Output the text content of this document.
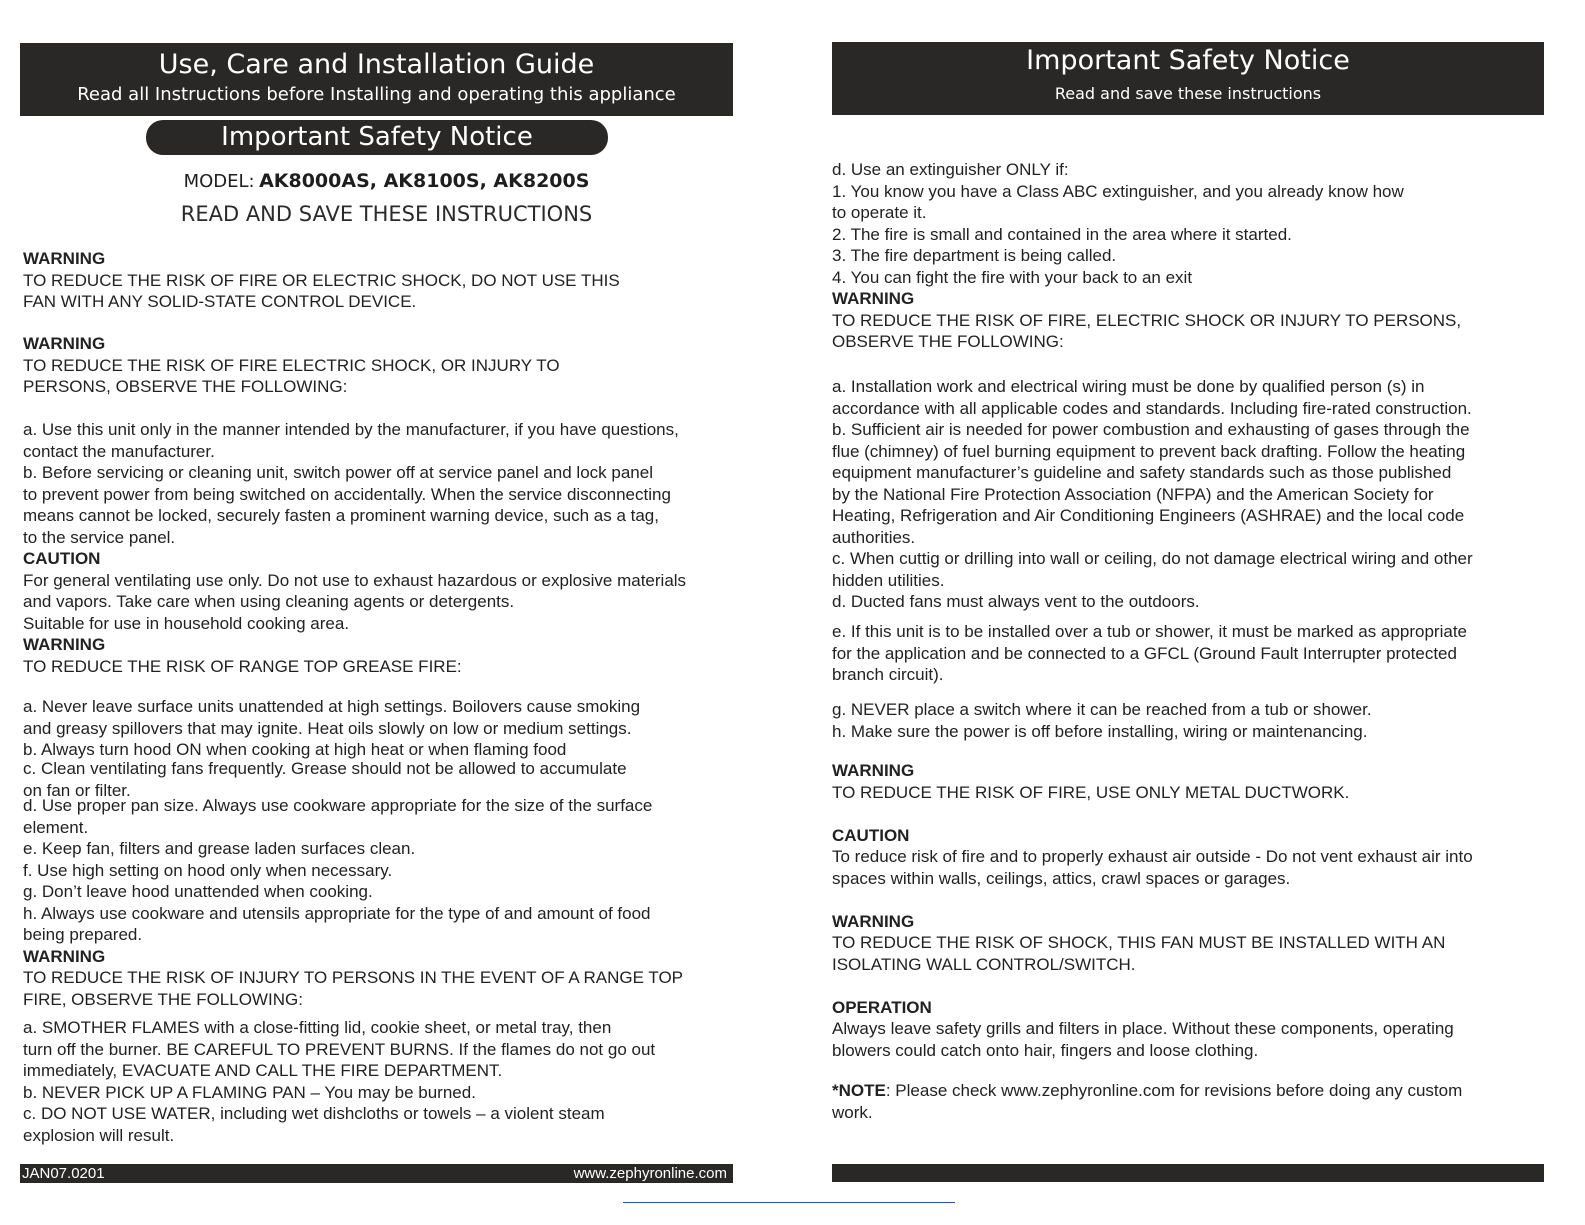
Use, Care and Installation Guide
Read all Instructions before Installing and operating this appliance
Important Safety Notice
MODEL: AK8000AS, AK8100S, AK8200S
READ AND SAVE THESE INSTRUCTIONS
WARNING
TO REDUCE THE RISK OF FIRE OR ELECTRIC SHOCK, DO NOT USE THIS
FAN WITH ANY SOLID-STATE CONTROL DEVICE.
WARNING
TO REDUCE THE RISK OF FIRE ELECTRIC SHOCK, OR INJURY TO
PERSONS, OBSERVE THE FOLLOWING:
a. Use this unit only in the manner intended by the manufacturer, if you have questions,
contact the manufacturer.
b. Before servicing or cleaning unit, switch power off at service panel and lock panel
to prevent power from being switched on accidentally. When the service disconnecting
means cannot be locked, securely fasten a prominent warning device, such as a tag,
to the service panel.
CAUTION
For general ventilating use only. Do not use to exhaust hazardous or explosive materials
and vapors. Take care when using cleaning agents or detergents.
Suitable for use in household cooking area.
WARNING
TO REDUCE THE RISK OF RANGE TOP GREASE FIRE:
a. Never leave surface units unattended at high settings. Boilovers cause smoking
and greasy spillovers that may ignite. Heat oils slowly on low or medium settings.
b. Always turn hood ON when cooking at high heat or when flaming food
c. Clean ventilating fans frequently. Grease should not be allowed to accumulate
on fan or filter.
d. Use proper pan size. Always use cookware appropriate for the size of the surface
element.
e. Keep fan, filters and grease laden surfaces clean.
f. Use high setting on hood only when necessary.
g. Don’t leave hood unattended when cooking.
h. Always use cookware and utensils appropriate for the type of and amount of food
being prepared.
WARNING
TO REDUCE THE RISK OF INJURY TO PERSONS IN THE EVENT OF A RANGE TOP
FIRE, OBSERVE THE FOLLOWING:
a. SMOTHER FLAMES with a close-fitting lid, cookie sheet, or metal tray, then
turn off the burner. BE CAREFUL TO PREVENT BURNS. If the flames do not go out
immediately, EVACUATE AND CALL THE FIRE DEPARTMENT.
b. NEVER PICK UP A FLAMING PAN – You may be burned.
c. DO NOT USE WATER, including wet dishcloths or towels – a violent steam
explosion will result.
JAN07.0201	www.zephyronline.com
Important Safety Notice
Read and save these instructions
d. Use an extinguisher ONLY if:
1. You know you have a Class ABC extinguisher, and you already know how
to operate it.
2. The fire is small and contained in the area where it started.
3. The fire department is being called.
4. You can fight the fire with your back to an exit
WARNING
TO REDUCE THE RISK OF FIRE, ELECTRIC SHOCK OR INJURY TO PERSONS,
OBSERVE THE FOLLOWING:
a. Installation work and electrical wiring must be done by qualified person (s) in
accordance with all applicable codes and standards. Including fire-rated construction.
b. Sufficient air is needed for power combustion and exhausting of gases through the
flue (chimney) of fuel burning equipment to prevent back drafting. Follow the heating
equipment manufacturer’s guideline and safety standards such as those published
by the National Fire Protection Association (NFPA) and the American Society for
Heating, Refrigeration and Air Conditioning Engineers (ASHRAE) and the local code
authorities.
c. When cuttig or drilling into wall or ceiling, do not damage electrical wiring and other
hidden utilities.
d. Ducted fans must always vent to the outdoors.
e. If this unit is to be installed over a tub or shower, it must be marked as appropriate
for the application and be connected to a GFCL (Ground Fault Interrupter protected
branch circuit).
g. NEVER place a switch where it can be reached from a tub or shower.
h. Make sure the power is off before installing, wiring or maintenancing.
WARNING
TO REDUCE THE RISK OF FIRE, USE ONLY METAL DUCTWORK.

CAUTION
To reduce risk of fire and to properly exhaust air outside - Do not vent exhaust air into
spaces within walls, ceilings, attics, crawl spaces or garages.

WARNING
TO REDUCE THE RISK OF SHOCK, THIS FAN MUST BE INSTALLED WITH AN
ISOLATING WALL CONTROL/SWITCH.

OPERATION
Always leave safety grills and filters in place. Without these components, operating
blowers could catch onto hair, fingers and loose clothing.
*NOTE: Please check www.zephyronline.com for revisions before doing any custom
work.
